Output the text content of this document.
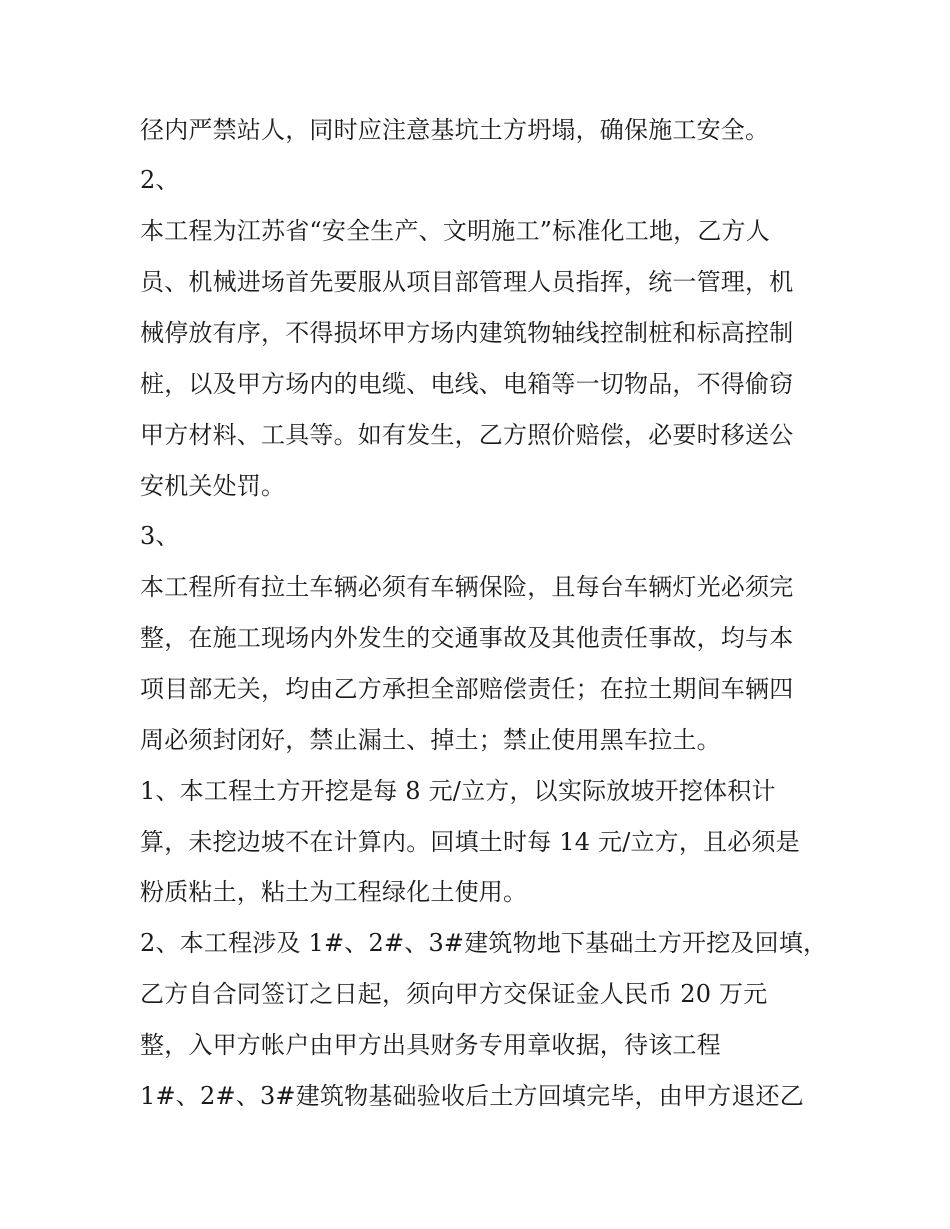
径内严禁站人，同时应注意基坑土方坍塌，确保施工安全。
2、
本工程为江苏省“安全生产、文明施工”标准化工地，乙方人
员、机械进场首先要服从项目部管理人员指挥，统一管理，机
械停放有序，不得损坏甲方场内建筑物轴线控制桩和标高控制
桩，以及甲方场内的电缆、电线、电箱等一切物品，不得偷窃
甲方材料、工具等。如有发生，乙方照价赔偿，必要时移送公
安机关处罚。
3、
本工程所有拉土车辆必须有车辆保险，且每台车辆灯光必须完
整，在施工现场内外发生的交通事故及其他责任事故，均与本
项目部无关，均由乙方承担全部赔偿责任；在拉土期间车辆四
周必须封闭好，禁止漏土、掉土；禁止使用黑车拉土。
1、本工程土方开挖是每 8 元/立方，以实际放坡开挖体积计
算，未挖边坡不在计算内。回填土时每 14 元/立方，且必须是
粉质粘土，粘土为工程绿化土使用。
2、本工程涉及 1#、2#、3#建筑物地下基础土方开挖及回填，
乙方自合同签订之日起，须向甲方交保证金人民币 20 万元
整，入甲方帐户由甲方出具财务专用章收据，待该工程
1#、2#、3#建筑物基础验收后土方回填完毕，由甲方退还乙
